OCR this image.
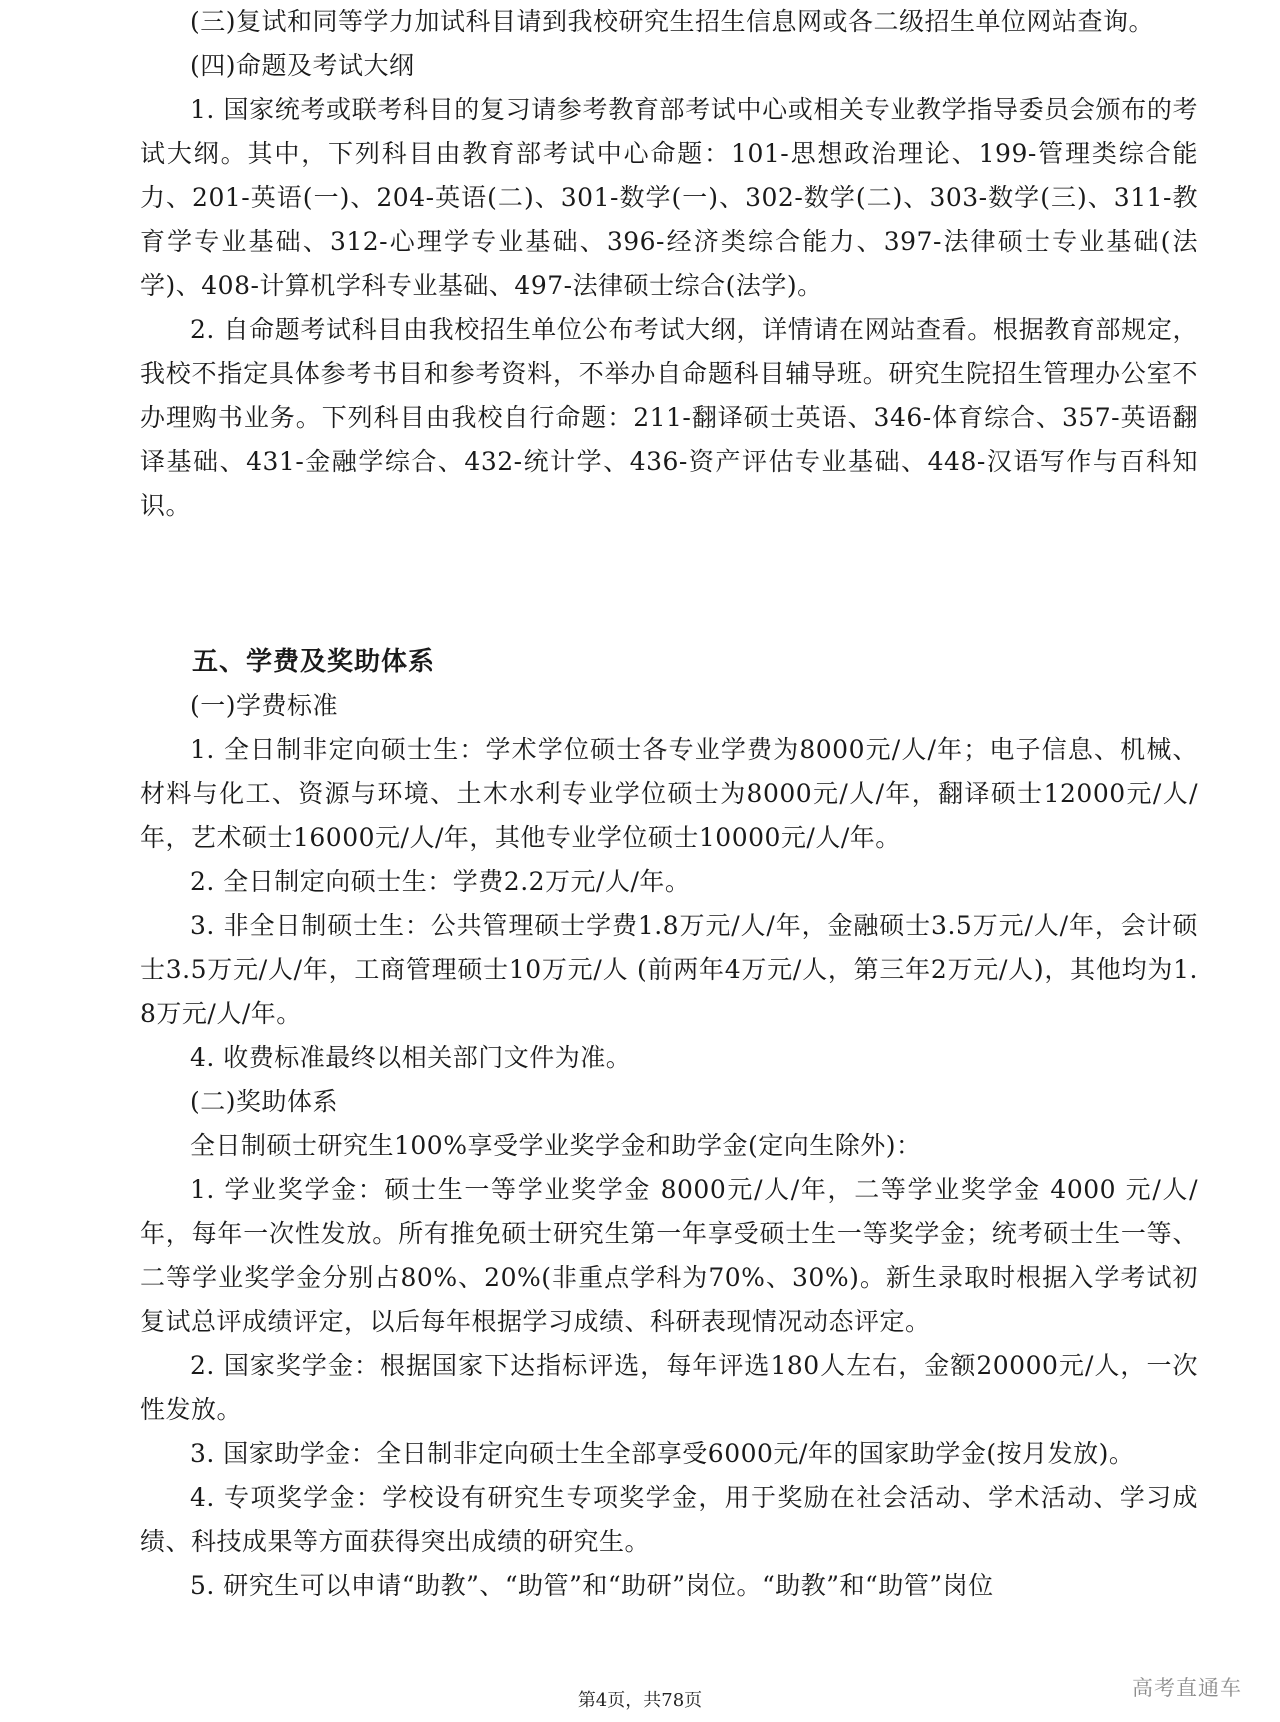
(三)复试和同等学力加试科目请到我校研究生招生信息网或各二级招生单位网站查询。

(四)命题及考试大纲

1. 国家统考或联考科目的复习请参考教育部考试中心或相关专业教学指导委员会颁布的考试大纲。其中，下列科目由教育部考试中心命题：101-思想政治理论、199-管理类综合能力、201-英语(一)、204-英语(二)、301-数学(一)、302-数学(二)、303-数学(三)、311-教育学专业基础、312-心理学专业基础、396-经济类综合能力、397-法律硕士专业基础(法学)、408-计算机学科专业基础、497-法律硕士综合(法学)。

2. 自命题考试科目由我校招生单位公布考试大纲，详情请在网站查看。根据教育部规定，我校不指定具体参考书目和参考资料，不举办自命题科目辅导班。研究生院招生管理办公室不办理购书业务。下列科目由我校自行命题：211-翻译硕士英语、346-体育综合、357-英语翻译基础、431-金融学综合、432-统计学、436-资产评估专业基础、448-汉语写作与百科知识。

五、学费及奖助体系

(一)学费标准

1. 全日制非定向硕士生：学术学位硕士各专业学费为8000元/人/年；电子信息、机械、材料与化工、资源与环境、土木水利专业学位硕士为8000元/人/年，翻译硕士12000元/人/年，艺术硕士16000元/人/年，其他专业学位硕士10000元/人/年。

2. 全日制定向硕士生：学费2.2万元/人/年。

3. 非全日制硕士生：公共管理硕士学费1.8万元/人/年，金融硕士3.5万元/人/年，会计硕士3.5万元/人/年，工商管理硕士10万元/人 (前两年4万元/人，第三年2万元/人)，其他均为1.8万元/人/年。

4. 收费标准最终以相关部门文件为准。

(二)奖助体系

全日制硕士研究生100%享受学业奖学金和助学金(定向生除外)：

1. 学业奖学金：硕士生一等学业奖学金 8000元/人/年，二等学业奖学金 4000 元/人/年，每年一次性发放。所有推免硕士研究生第一年享受硕士生一等奖学金；统考硕士生一等、二等学业奖学金分别占80%、20%(非重点学科为70%、30%)。新生录取时根据入学考试初复试总评成绩评定，以后每年根据学习成绩、科研表现情况动态评定。

2. 国家奖学金：根据国家下达指标评选，每年评选180人左右，金额20000元/人，一次性发放。

3. 国家助学金：全日制非定向硕士生全部享受6000元/年的国家助学金(按月发放)。

4. 专项奖学金：学校设有研究生专项奖学金，用于奖励在社会活动、学术活动、学习成绩、科技成果等方面获得突出成绩的研究生。

5. 研究生可以申请“助教”、“助管”和“助研”岗位。“助教”和“助管”岗位

第4页，共78页
高考直通车
